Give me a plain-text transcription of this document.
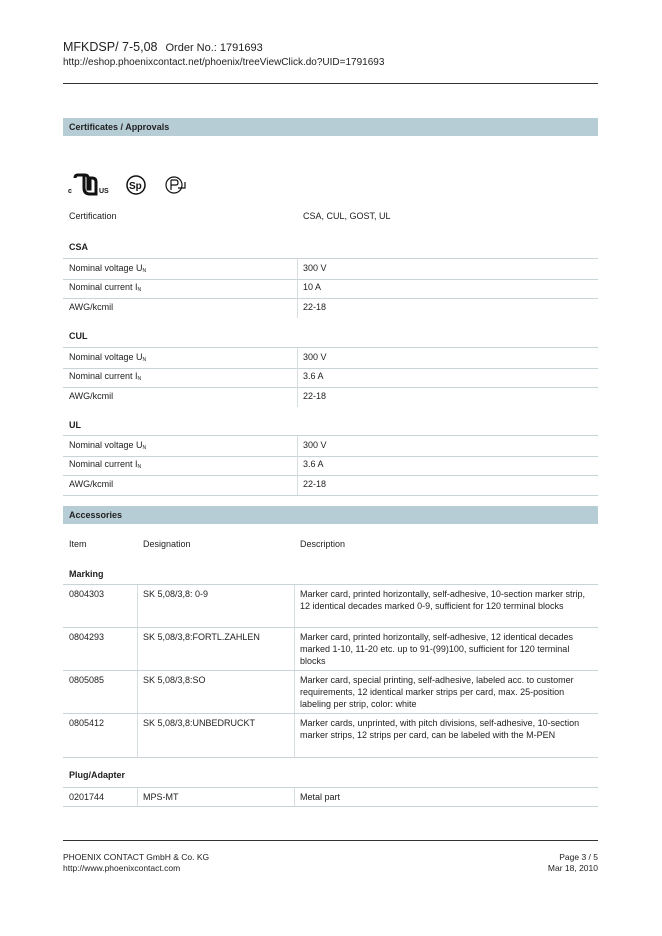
MFKDSP/ 7-5,08 Order No.: 1791693
http://eshop.phoenixcontact.net/phoenix/treeViewClick.do?UID=1791693
Certificates / Approvals
c	US Sp
Certification	CSA, CUL, GOST, UL
CSA
Nominal voltage $U_N$	300 V
Nominal current $I_N$	10 A
AWG/kcmil	22-18
CUL
Nominal voltage $U_N$	300 V
Nominal current $I_N$	3.6 A
AWG/kcmil	22-18
UL
Nominal voltage $U_N$	300 V
Nominal current $I_N$	3.6 A
AWG/kcmil	22-18
Accessories
Item	Designation	Description
Marking
0804303	SK 5,08/3,8: 0-9	Marker card, printed horizontally, self-adhesive, 10-section marker strip, 12 identical decades marked 0-9, sufficient for 120 terminal blocks
0804293	SK 5,08/3,8:FORTL.ZAHLEN	Marker card, printed horizontally, self-adhesive, 12 identical decades marked 1-10, 11-20 etc. up to 91-(99)100, sufficient for 120 terminal blocks
0805085	SK 5,08/3,8:SO	Marker card, special printing, self-adhesive, labeled acc. to customer requirements, 12 identical marker strips per card, max. 25-position labeling per strip, color: white
0805412	SK 5,08/3,8:UNBEDRUCKT	Marker cards, unprinted, with pitch divisions, self-adhesive, 10-section marker strips, 12 strips per card, can be labeled with the M-PEN
Plug/Adapter
0201744	MPS-MT	Metal part
PHOENIX CONTACT GmbH & Co. KG
http://www.phoenixcontact.com
Page 3 / 5
Mar 18, 2010
